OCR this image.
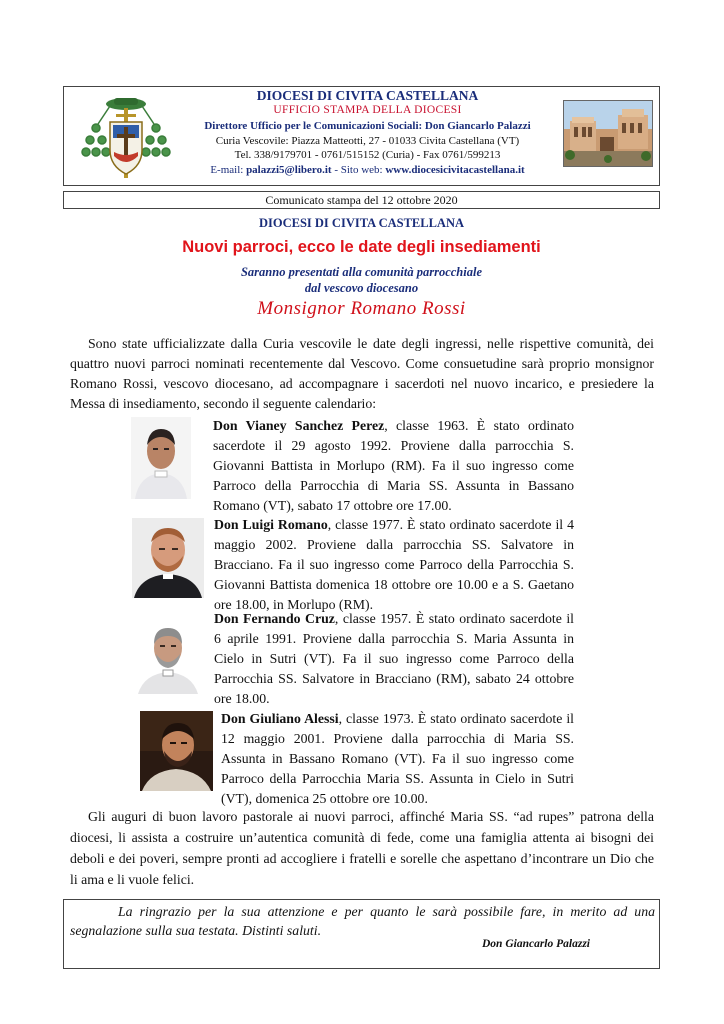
DIOCESI DI CIVITA CASTELLANA
UFFICIO STAMPA DELLA DIOCESI
Direttore Ufficio per le Comunicazioni Sociali: Don Giancarlo Palazzi
Curia Vescovile: Piazza Matteotti, 27 - 01033 Civita Castellana (VT)
Tel. 338/9179701 - 0761/515152 (Curia) - Fax 0761/599213
E-mail: palazzi5@libero.it - Sito web: www.diocesicivitacastellana.it
Comunicato stampa del 12 ottobre 2020
DIOCESI DI CIVITA CASTELLANA
Nuovi parroci, ecco le date degli insediamenti
Saranno presentati alla comunità parrocchiale
dal vescovo diocesano
Monsignor Romano Rossi
Sono state ufficializzate dalla Curia vescovile le date degli ingressi, nelle rispettive comunità, dei quattro nuovi parroci nominati recentemente dal Vescovo. Come consuetudine sarà proprio monsignor Romano Rossi, vescovo diocesano, ad accompagnare i sacerdoti nel nuovo incarico, e presiedere la Messa di insediamento, secondo il seguente calendario:
Don Vianey Sanchez Perez, classe 1963. È stato ordinato sacerdote il 29 agosto 1992. Proviene dalla parrocchia S. Giovanni Battista in Morlupo (RM). Fa il suo ingresso come Parroco della Parrocchia di Maria SS. Assunta in Bassano Romano (VT), sabato 17 ottobre ore 17.00.
Don Luigi Romano, classe 1977. È stato ordinato sacerdote il 4 maggio 2002. Proviene dalla parrocchia SS. Salvatore in Bracciano. Fa il suo ingresso come Parroco della Parrocchia S. Giovanni Battista domenica 18 ottobre ore 10.00 e a S. Gaetano ore 18.00, in Morlupo (RM).
Don Fernando Cruz, classe 1957. È stato ordinato sacerdote il 6 aprile 1991. Proviene dalla parrocchia S. Maria Assunta in Cielo in Sutri (VT). Fa il suo ingresso come Parroco della Parrocchia SS. Salvatore in Bracciano (RM), sabato 24 ottobre ore 18.00.
Don Giuliano Alessi, classe 1973. È stato ordinato sacerdote il 12 maggio 2001. Proviene dalla parrocchia di Maria SS. Assunta in Bassano Romano (VT). Fa il suo ingresso come Parroco della Parrocchia Maria SS. Assunta in Cielo in Sutri (VT), domenica 25 ottobre ore 10.00.
Gli auguri di buon lavoro pastorale ai nuovi parroci, affinché Maria SS. “ad rupes” patrona della diocesi, li assista a costruire un’autentica comunità di fede, come una famiglia attenta ai bisogni dei deboli e dei poveri, sempre pronti ad accogliere i fratelli e sorelle che aspettano d’incontrare un Dio che li ama e li vuole felici.
La ringrazio per la sua attenzione e per quanto le sarà possibile fare, in merito ad una segnalazione sulla sua testata. Distinti saluti.
Don Giancarlo Palazzi
